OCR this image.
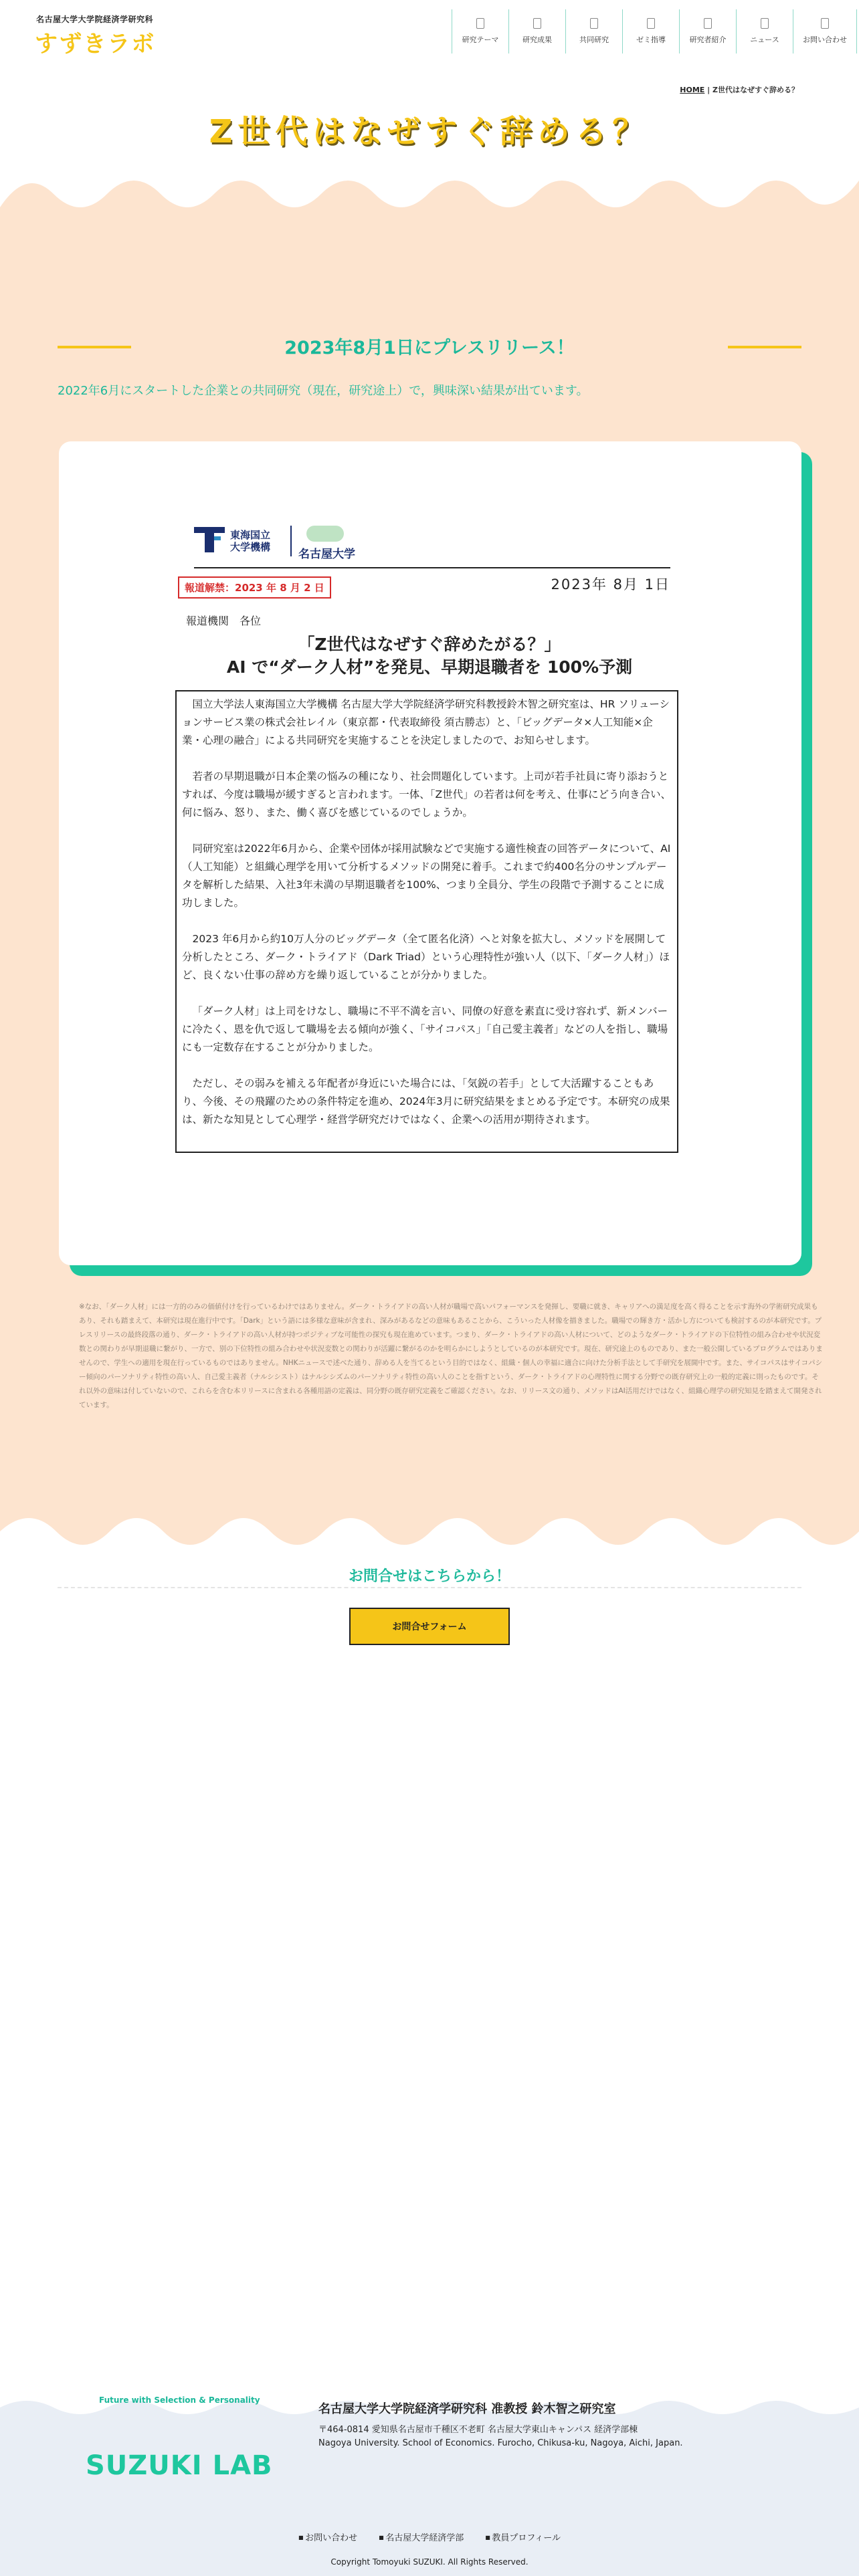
名古屋大学大学院経済学研究科
すずきラボ	研究テーマ	研究成果	共同研究	ゼミ指導	研究者紹介	ニュース	お問い合わせ
HOME | Z世代はなぜすぐ辞める？
Z世代はなぜすぐ辞める？
2023年8月1日にプレスリリース！

2022年6月にスタートした企業との共同研究（現在，研究途上）で，興味深い結果が出ています。

東海国立
大学機構
名古屋大学
報道解禁：2023 年 8 月 2 日	2023年 8月 1日
報道機関　各位
「Z世代はなぜすぐ辞めたがる？」
AI で“ダーク人材”を発見、早期退職者を 100%予測

国立大学法人東海国立大学機構 名古屋大学大学院経済学研究科教授鈴木智之研究室は、HR ソリューションサービス業の株式会社レイル（東京都・代表取締役 須古勝志）と、「ビッグデータ×人工知能×企業・心理の融合」による共同研究を実施することを決定しましたので、お知らせします。

若者の早期退職が日本企業の悩みの種になり、社会問題化しています。上司が若手社員に寄り添おうとすれば、今度は職場が緩すぎると言われます。一体、「Z世代」の若者は何を考え、仕事にどう向き合い、何に悩み、怒り、また、働く喜びを感じているのでしょうか。

同研究室は2022年6月から、企業や団体が採用試験などで実施する適性検査の回答データについて、AI（人工知能）と組織心理学を用いて分析するメソッドの開発に着手。これまで約400名分のサンプルデータを解析した結果、入社3年未満の早期退職者を100%、つまり全員分、学生の段階で予測することに成功しました。

2023 年6月から約10万人分のビッグデータ（全て匿名化済）へと対象を拡大し、メソッドを展開して分析したところ、ダーク・トライアド（Dark Triad）という心理特性が強い人（以下、「ダーク人材」）ほど、良くない仕事の辞め方を繰り返していることが分かりました。

「ダーク人材」は上司をけなし、職場に不平不満を言い、同僚の好意を素直に受け容れず、新メンバーに冷たく、恩を仇で返して職場を去る傾向が強く、「サイコパス」「自己愛主義者」などの人を指し、職場にも一定数存在することが分かりました。

ただし、その弱みを補える年配者が身近にいた場合には、「気鋭の若手」として大活躍することもあり、今後、その飛躍のための条件特定を進め、2024年3月に研究結果をまとめる予定です。本研究の成果は、新たな知見として心理学・経営学研究だけではなく、企業への活用が期待されます。

※なお、「ダーク人材」には一方的のみの価値付けを行っているわけではありません。ダーク・トライアドの高い人材が職場で高いパフォーマンスを発揮し、要職に就き、キャリアへの満足度を高く得ることを示す海外の学術研究成果もあり、それも踏まえて、本研究は現在進行中です。「Dark」という語には多様な意味が含まれ、深みがあるなどの意味もあることから、こういった人材像を描きました。職場での輝き方・活かし方についても検討するのが本研究です。プレスリリースの最終段落の通り、ダーク・トライアドの高い人材が持つポジティブな可能性の探究も現在進めています。つまり、ダーク・トライアドの高い人材について、どのようなダーク・トライアドの下位特性の組み合わせや状況変数との関わりが早期退職に繋がり、一方で、别の下位特性の組み合わせや状況変数との関わりが活躍に繋がるのかを明らかにしようとしているのが本研究です。現在、研究途上のものであり、また一般公開しているプログラムではありませんので、学生への適用を現在行っているものではありません。NHKニュースで述べた通り、辞める人を当てるという目的ではなく、組織・個人の幸福に適合に向けた分析手法として手研究を展開中です。また、サイコパスはサイコパシー傾向のパーソナリティ特性の高い人、自己愛主義者（ナルシシスト）はナルシシズムのパーソナリティ特性の高い人のことを指すという、ダーク・トライアドの心理特性に関する分野での既存研究上の一般的定義に則ったものです。それ以外の意味は付していないので、これらを含む本リリースに含まれる各種用語の定義は、同分野の既存研究定義をご確認ください。なお、リリース文の通り、メソッドはAI活用だけではなく、組織心理学の研究知見を踏まえて開発されています。

お問合せはこちらから！
お問合せフォーム
Future with Selection & Personality
SUZUKI LAB
名古屋大学大学院経済学研究科 准教授 鈴木智之研究室
〒464-0814 愛知県名古屋市千種区不老町 名古屋大学東山キャンパス 経済学部棟
Nagoya University. School of Economics. Furocho, Chikusa-ku, Nagoya, Aichi, Japan.
■ お問い合わせ	■ 名古屋大学経済学部	■ 教員プロフィール
Copyright Tomoyuki SUZUKI. All Rights Reserved.
